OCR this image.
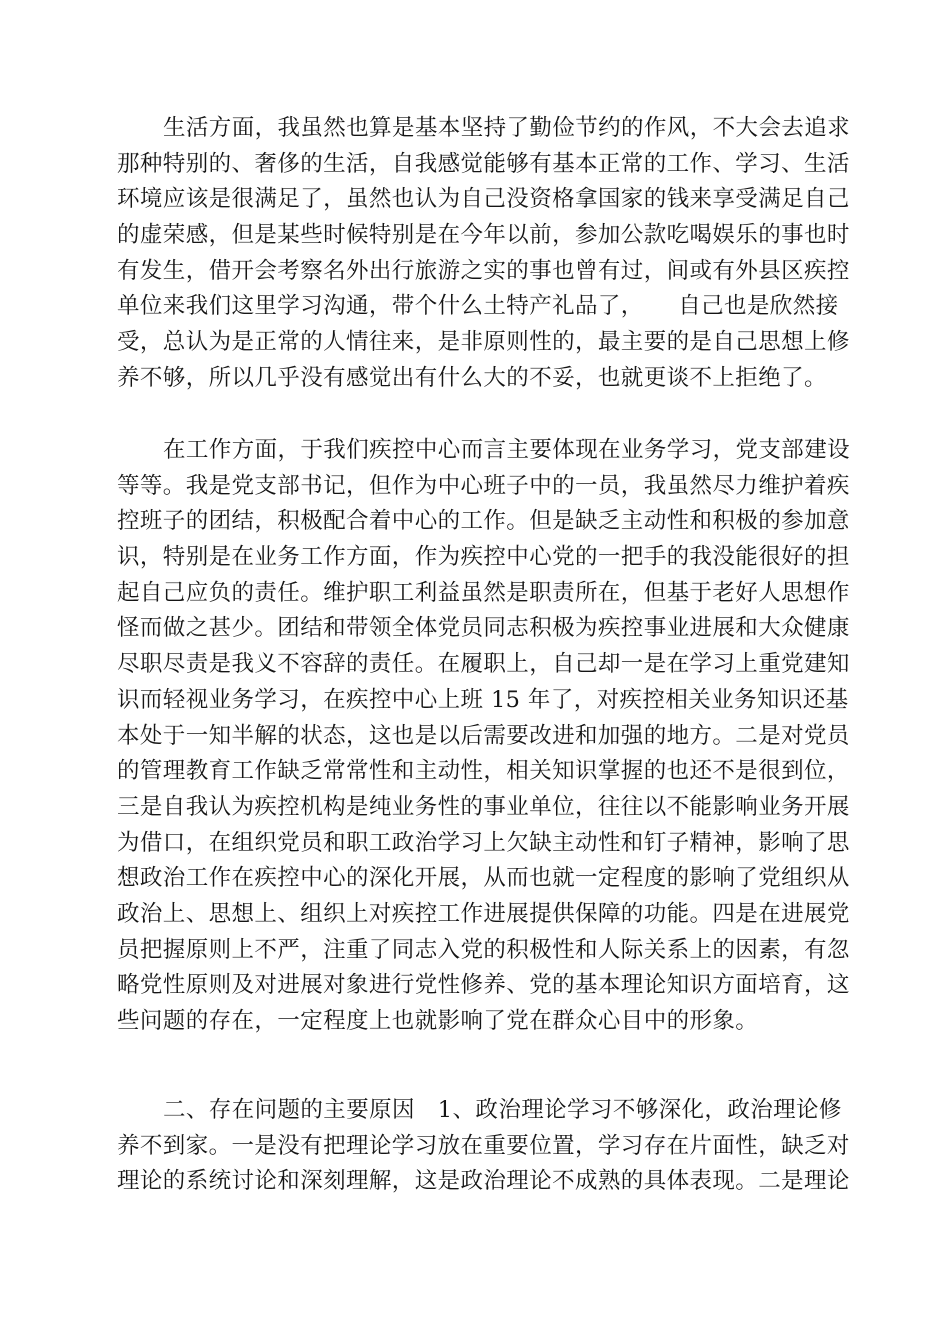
生活方面，我虽然也算是基本坚持了勤俭节约的作风，不大会去追求
那种特别的、奢侈的生活，自我感觉能够有基本正常的工作、学习、生活
环境应该是很满足了，虽然也认为自己没资格拿国家的钱来享受满足自己
的虚荣感，但是某些时候特别是在今年以前，参加公款吃喝娱乐的事也时
有发生，借开会考察名外出行旅游之实的事也曾有过，间或有外县区疾控
单位来我们这里学习沟通，带个什么土特产礼品了，　　自己也是欣然接
受，总认为是正常的人情往来，是非原则性的，最主要的是自己思想上修
养不够，所以几乎没有感觉出有什么大的不妥，也就更谈不上拒绝了。
在工作方面，于我们疾控中心而言主要体现在业务学习，党支部建设
等等。我是党支部书记，但作为中心班子中的一员，我虽然尽力维护着疾
控班子的团结，积极配合着中心的工作。但是缺乏主动性和积极的参加意
识，特别是在业务工作方面，作为疾控中心党的一把手的我没能很好的担
起自己应负的责任。维护职工利益虽然是职责所在，但基于老好人思想作
怪而做之甚少。团结和带领全体党员同志积极为疾控事业进展和大众健康
尽职尽责是我义不容辞的责任。在履职上，自己却一是在学习上重党建知
识而轻视业务学习，在疾控中心上班 15 年了，对疾控相关业务知识还基
本处于一知半解的状态，这也是以后需要改进和加强的地方。二是对党员
的管理教育工作缺乏常常性和主动性，相关知识掌握的也还不是很到位，
三是自我认为疾控机构是纯业务性的事业单位，往往以不能影响业务开展
为借口，在组织党员和职工政治学习上欠缺主动性和钉子精神，影响了思
想政治工作在疾控中心的深化开展，从而也就一定程度的影响了党组织从
政治上、思想上、组织上对疾控工作进展提供保障的功能。四是在进展党
员把握原则上不严，注重了同志入党的积极性和人际关系上的因素，有忽
略党性原则及对进展对象进行党性修养、党的基本理论知识方面培育，这
些问题的存在，一定程度上也就影响了党在群众心目中的形象。
二、存在问题的主要原因　1、政治理论学习不够深化，政治理论修
养不到家。一是没有把理论学习放在重要位置，学习存在片面性，缺乏对
理论的系统讨论和深刻理解，这是政治理论不成熟的具体表现。二是理论
